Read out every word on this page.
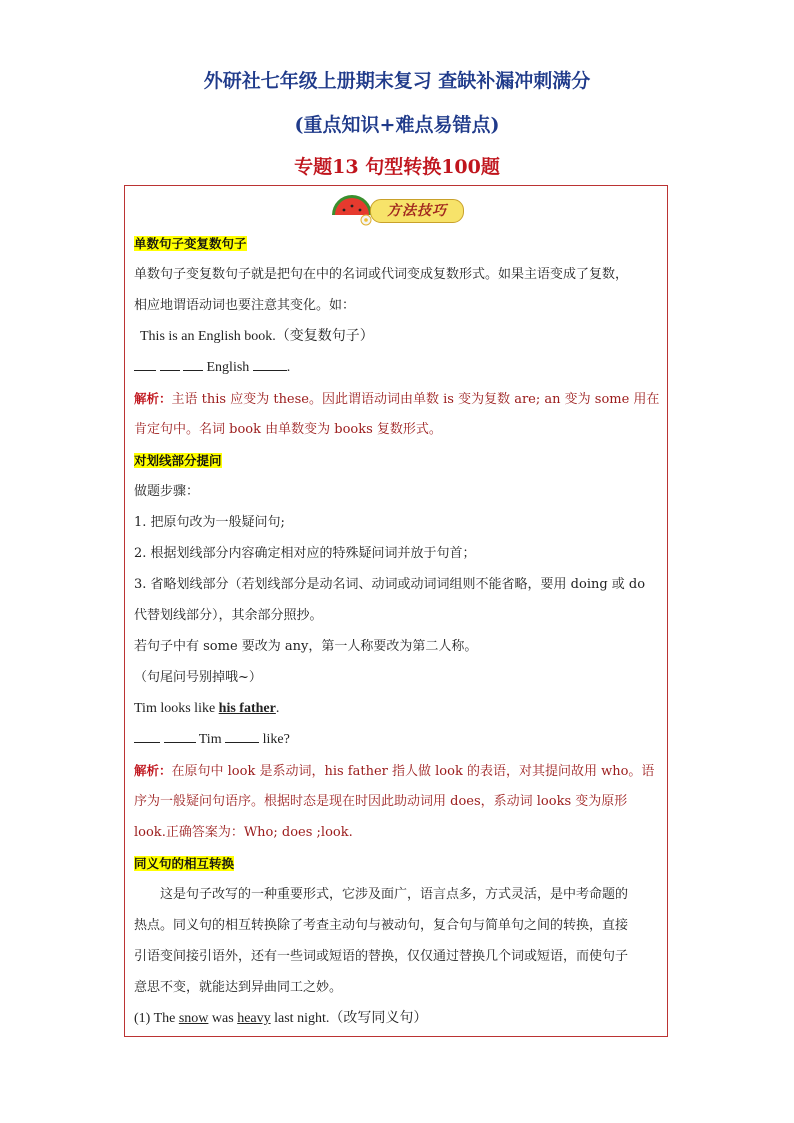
外研社七年级上册期末复习 查缺补漏冲刺满分
(重点知识+难点易错点)
专题13 句型转换100题
方法技巧
单数句子变复数句子
单数句子变复数句子就是把句在中的名词或代词变成复数形式。如果主语变成了复数，
相应地谓语动词也要注意其变化。如：
This is an English book.（变复数句子）
English	.
解析：主语 this 应变为 these。因此谓语动词由单数 is 变为复数 are; an 变为 some 用在
肯定句中。名词 book 由单数变为 books 复数形式。
对划线部分提问
做题步骤：
1. 把原句改为一般疑问句;
2. 根据划线部分内容确定相对应的特殊疑问词并放于句首；
3. 省略划线部分（若划线部分是动名词、动词或动词词组则不能省略，要用 doing 或 do
代替划线部分），其余部分照抄。
若句子中有 some 要改为 any，第一人称要改为第二人称。
（句尾问号别掉哦~）
Tim looks like his father.
Tim	like?
解析：在原句中 look 是系动词，his father 指人做 look 的表语，对其提问故用 who。语
序为一般疑问句语序。根据时态是现在时因此助动词用 does，系动词 looks 变为原形
look.正确答案为：Who; does ;look.
同义句的相互转换
这是句子改写的一种重要形式，它涉及面广，语言点多，方式灵活，是中考命题的
热点。同义句的相互转换除了考查主动句与被动句，复合句与简单句之间的转换，直接
引语变间接引语外，还有一些词或短语的替换，仅仅通过替换几个词或短语，而使句子
意思不变，就能达到异曲同工之妙。
(1) The snow was heavy last night.（改写同义句）
